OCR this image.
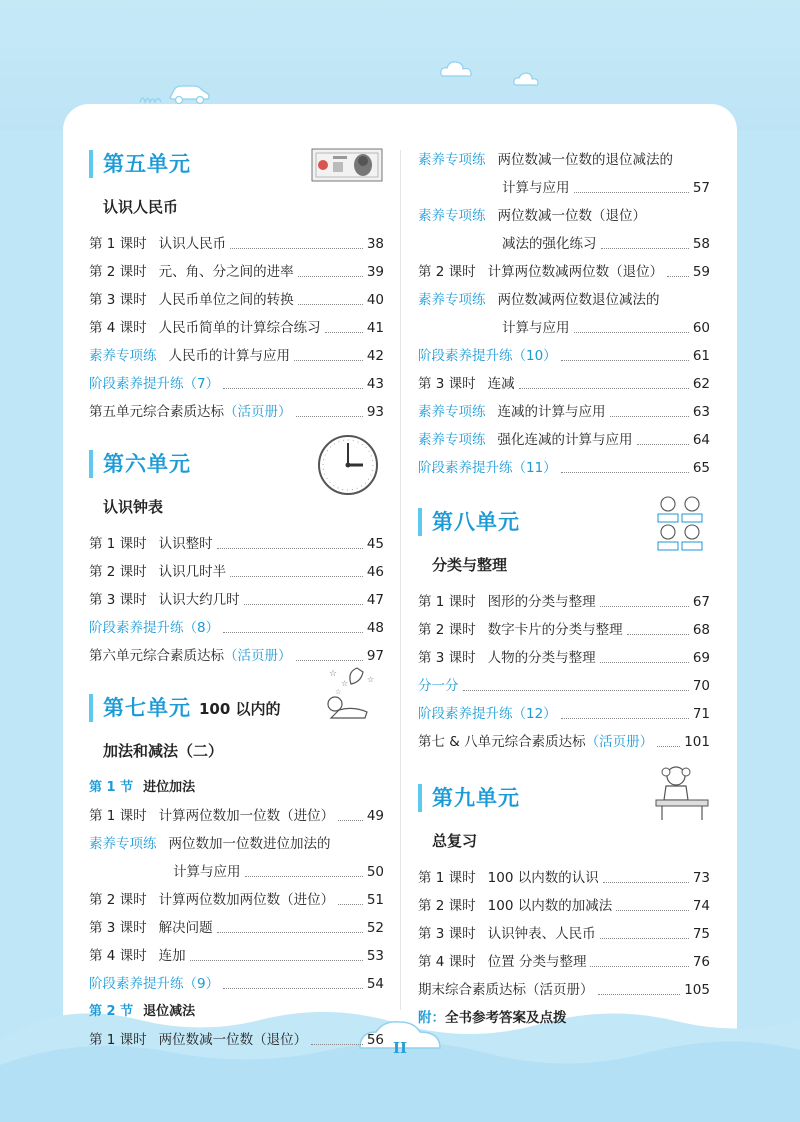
II
第五单元
认识人民币
第 1 课时 认识人民币	38
第 2 课时 元、角、分之间的进率	39
第 3 课时 人民币单位之间的转换	40
第 4 课时 人民币简单的计算综合练习	41
素养专项练 人民币的计算与应用	42
阶段素养提升练（7）	43
第五单元综合素质达标 （活页册）	93
第六单元
认识钟表
第 1 课时 认识整时	45
第 2 课时 认识几时半	46
第 3 课时 认识大约几时	47
阶段素养提升练（8）	48
第六单元综合素质达标 （活页册）	97
第七单元 100 以内的
☆
☆ ☆
☆
加法和减法（二）
第 1 节 进位加法
第 1 课时 计算两位数加一位数（进位） 49
素养专项练 两位数加一位数进位加法的
计算与应用	50
第 2 课时 计算两位数加两位数（进位） 51
第 3 课时 解决问题	52
第 4 课时 连加	53
阶段素养提升练（9）	54
第 2 节 退位减法
第 1 课时 两位数减一位数（退位）	56
素养专项练 两位数减一位数的退位减法的
计算与应用	57
素养专项练 两位数减一位数（退位）
减法的强化练习	58
第 2 课时 计算两位数减两位数（退位） 59
素养专项练 两位数减两位数退位减法的
计算与应用	60
阶段素养提升练（10）	61
第 3 课时 连减	62
素养专项练 连减的计算与应用	63
素养专项练 强化连减的计算与应用	64
阶段素养提升练（11）	65
第八单元
分类与整理
第 1 课时 图形的分类与整理	67
第 2 课时 数字卡片的分类与整理	68
第 3 课时 人物的分类与整理	69
分一分	70
阶段素养提升练（12）	71
第七 & 八单元综合素质达标 （活页册） 101
第九单元
总复习
第 1 课时 100 以内数的认识	73
第 2 课时 100 以内数的加减法	74
第 3 课时 认识钟表、人民币	75
第 4 课时 位置 分类与整理	76
期末综合素质达标（活页册）	105
附： 全书参考答案及点拨
